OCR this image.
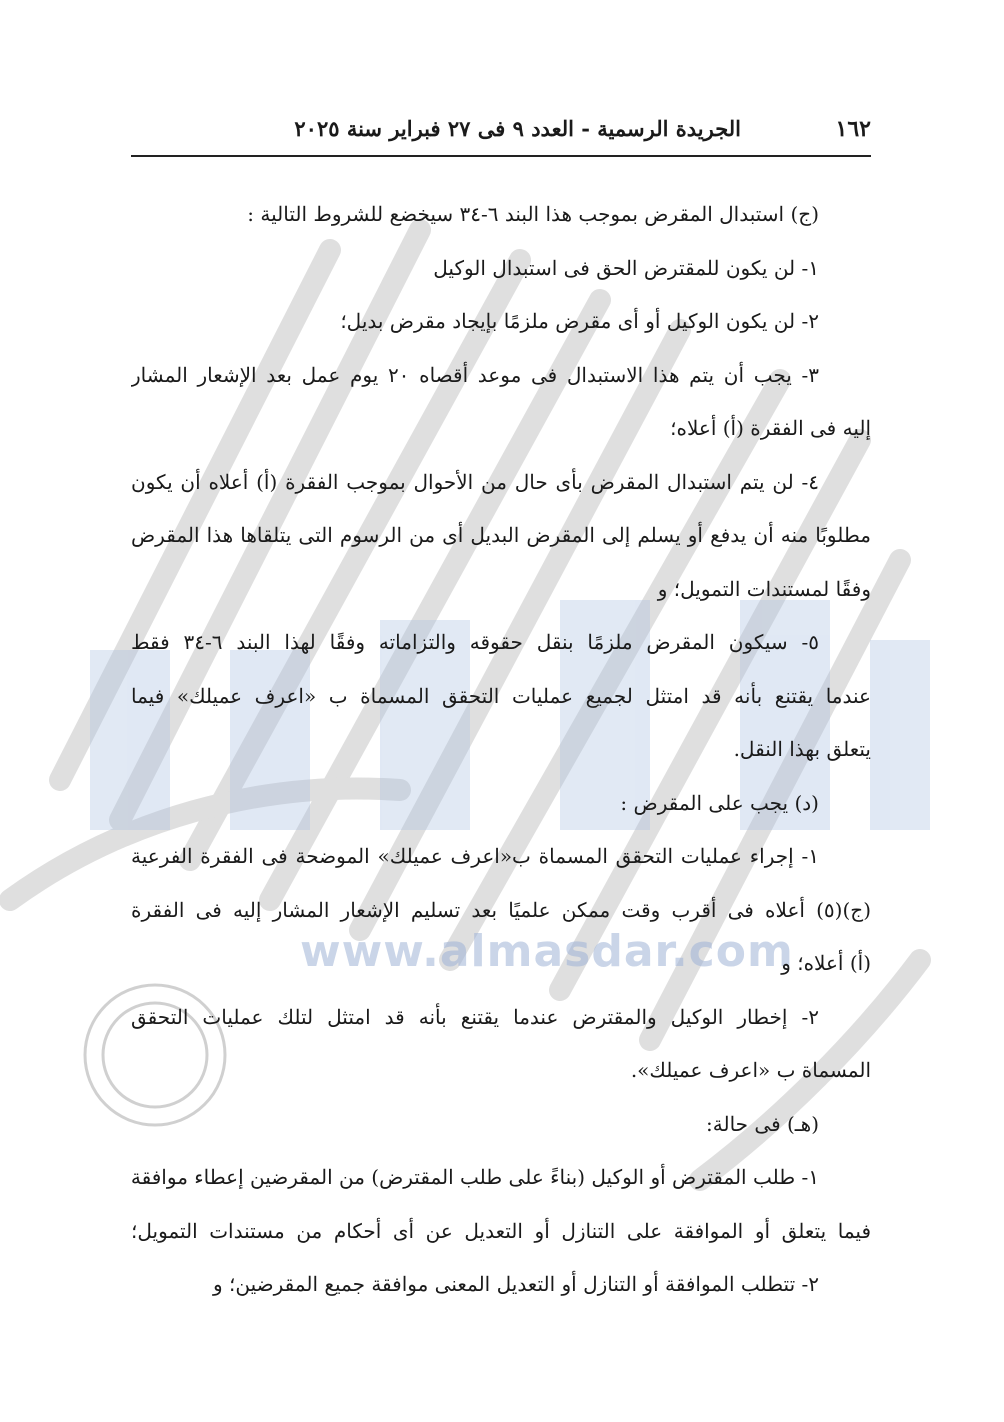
www.almasdar.com
١٦٢
الجريدة الرسمية - العدد ٩ فى ٢٧ فبراير سنة ٢٠٢٥
(ج) استبدال المقرض بموجب هذا البند ٦-٣٤ سيخضع للشروط التالية :
١- لن يكون للمقترض الحق فى استبدال الوكيل
٢- لن يكون الوكيل أو أى مقرض ملزمًا بإيجاد مقرض بديل؛
٣- يجب أن يتم هذا الاستبدال فى موعد أقصاه ٢٠ يوم عمل بعد الإشعار المشار
إليه فى الفقرة (أ) أعلاه؛
٤- لن يتم استبدال المقرض بأى حال من الأحوال بموجب الفقرة (أ) أعلاه أن يكون
مطلوبًا منه أن يدفع أو يسلم إلى المقرض البديل أى من الرسوم التى يتلقاها هذا المقرض
وفقًا لمستندات التمويل؛ و
٥- سيكون المقرض ملزمًا بنقل حقوقه والتزاماته وفقًا لهذا البند ٦-٣٤ فقط
عندما يقتنع بأنه قد امتثل لجميع عمليات التحقق المسماة ب «اعرف عميلك» فيما
يتعلق بهذا النقل.
(د) يجب على المقرض :
١- إجراء عمليات التحقق المسماة ب«اعرف عميلك» الموضحة فى الفقرة الفرعية
(ج)(٥) أعلاه فى أقرب وقت ممكن علميًا بعد تسليم الإشعار المشار إليه فى الفقرة
(أ) أعلاه؛ و
٢- إخطار الوكيل والمقترض عندما يقتنع بأنه قد امتثل لتلك عمليات التحقق
المسماة ب «اعرف عميلك».
(هـ) فى حالة:
١- طلب المقترض أو الوكيل (بناءً على طلب المقترض) من المقرضين إعطاء موافقة
فيما يتعلق أو الموافقة على التنازل أو التعديل عن أى أحكام من مستندات التمويل؛
٢- تتطلب الموافقة أو التنازل أو التعديل المعنى موافقة جميع المقرضين؛ و
